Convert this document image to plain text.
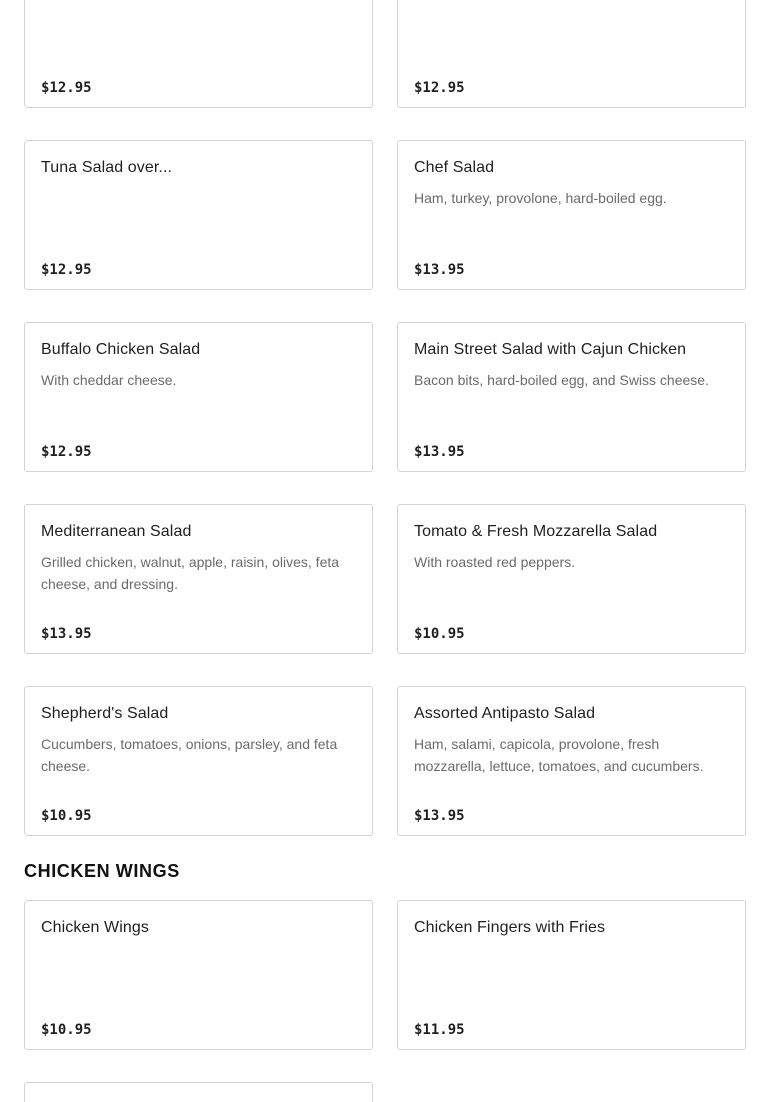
$12.95	$12.95
Tuna Salad over...
$12.95
Chef Salad
Ham, turkey, provolone, hard-boiled egg.
$13.95
Buffalo Chicken Salad
With cheddar cheese.
$12.95
Main Street Salad with Cajun Chicken
Bacon bits, hard-boiled egg, and Swiss cheese.
$13.95
Mediterranean Salad
Grilled chicken, walnut, apple, raisin, olives, feta cheese, and dressing.
$13.95
Tomato & Fresh Mozzarella Salad
With roasted red peppers.
$10.95
Shepherd's Salad
Cucumbers, tomatoes, onions, parsley, and feta cheese.
$10.95
Assorted Antipasto Salad
Ham, salami, capicola, provolone, fresh mozzarella, lettuce, tomatoes, and cucumbers.
$13.95
CHICKEN WINGS
Chicken Wings
$10.95
Chicken Fingers with Fries
$11.95
